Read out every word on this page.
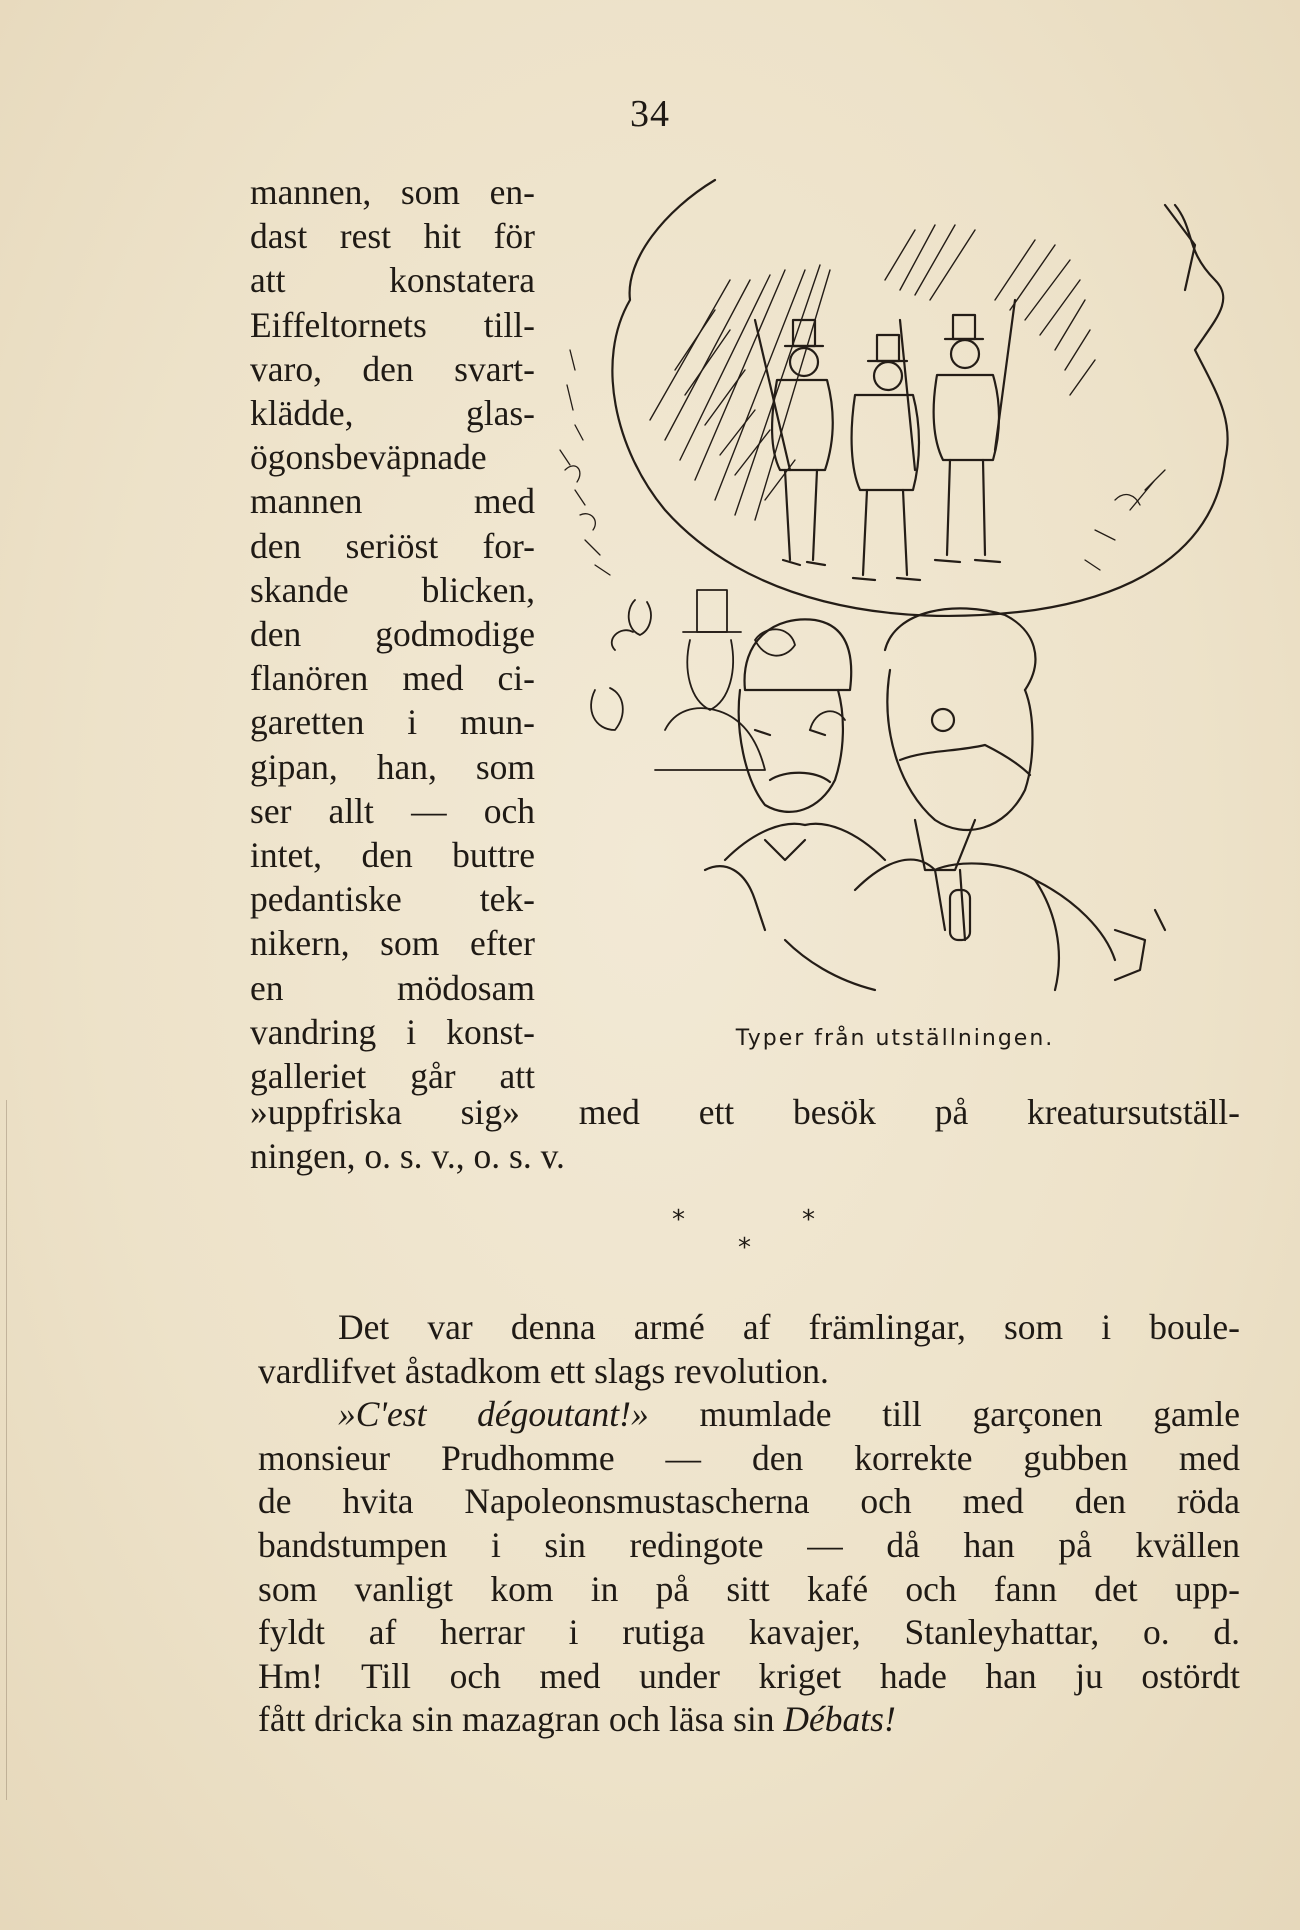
34
mannen, som en-
dast rest hit för
att konstatera
Eiffeltornets till-
varo, den svart-
klädde, glas-
ögonsbeväpnade
mannen med
den seriöst for-
skande blicken,
den godmodige
flanören med ci-
garetten i mun-
gipan, han, som
ser allt — och
intet, den buttre
pedantiske tek-
nikern, som efter
en mödosam
vandring i konst-
galleriet går att
»uppfriska sig» med ett besök på kreatursutställ-
ningen, o. s. v., o. s. v.
Typer från utställningen.
*
*
*
Det var denna armé af främlingar, som i boule-
vardlifvet åstadkom ett slags revolution.
»C'est dégoutant!» mumlade till garçonen gamle
monsieur Prudhomme — den korrekte gubben med
de hvita Napoleonsmustascherna och med den röda
bandstumpen i sin redingote — då han på kvällen
som vanligt kom in på sitt kafé och fann det upp-
fyldt af herrar i rutiga kavajer, Stanleyhattar, o. d.
Hm! Till och med under kriget hade han ju ostördt
fått dricka sin mazagran och läsa sin Débats!
